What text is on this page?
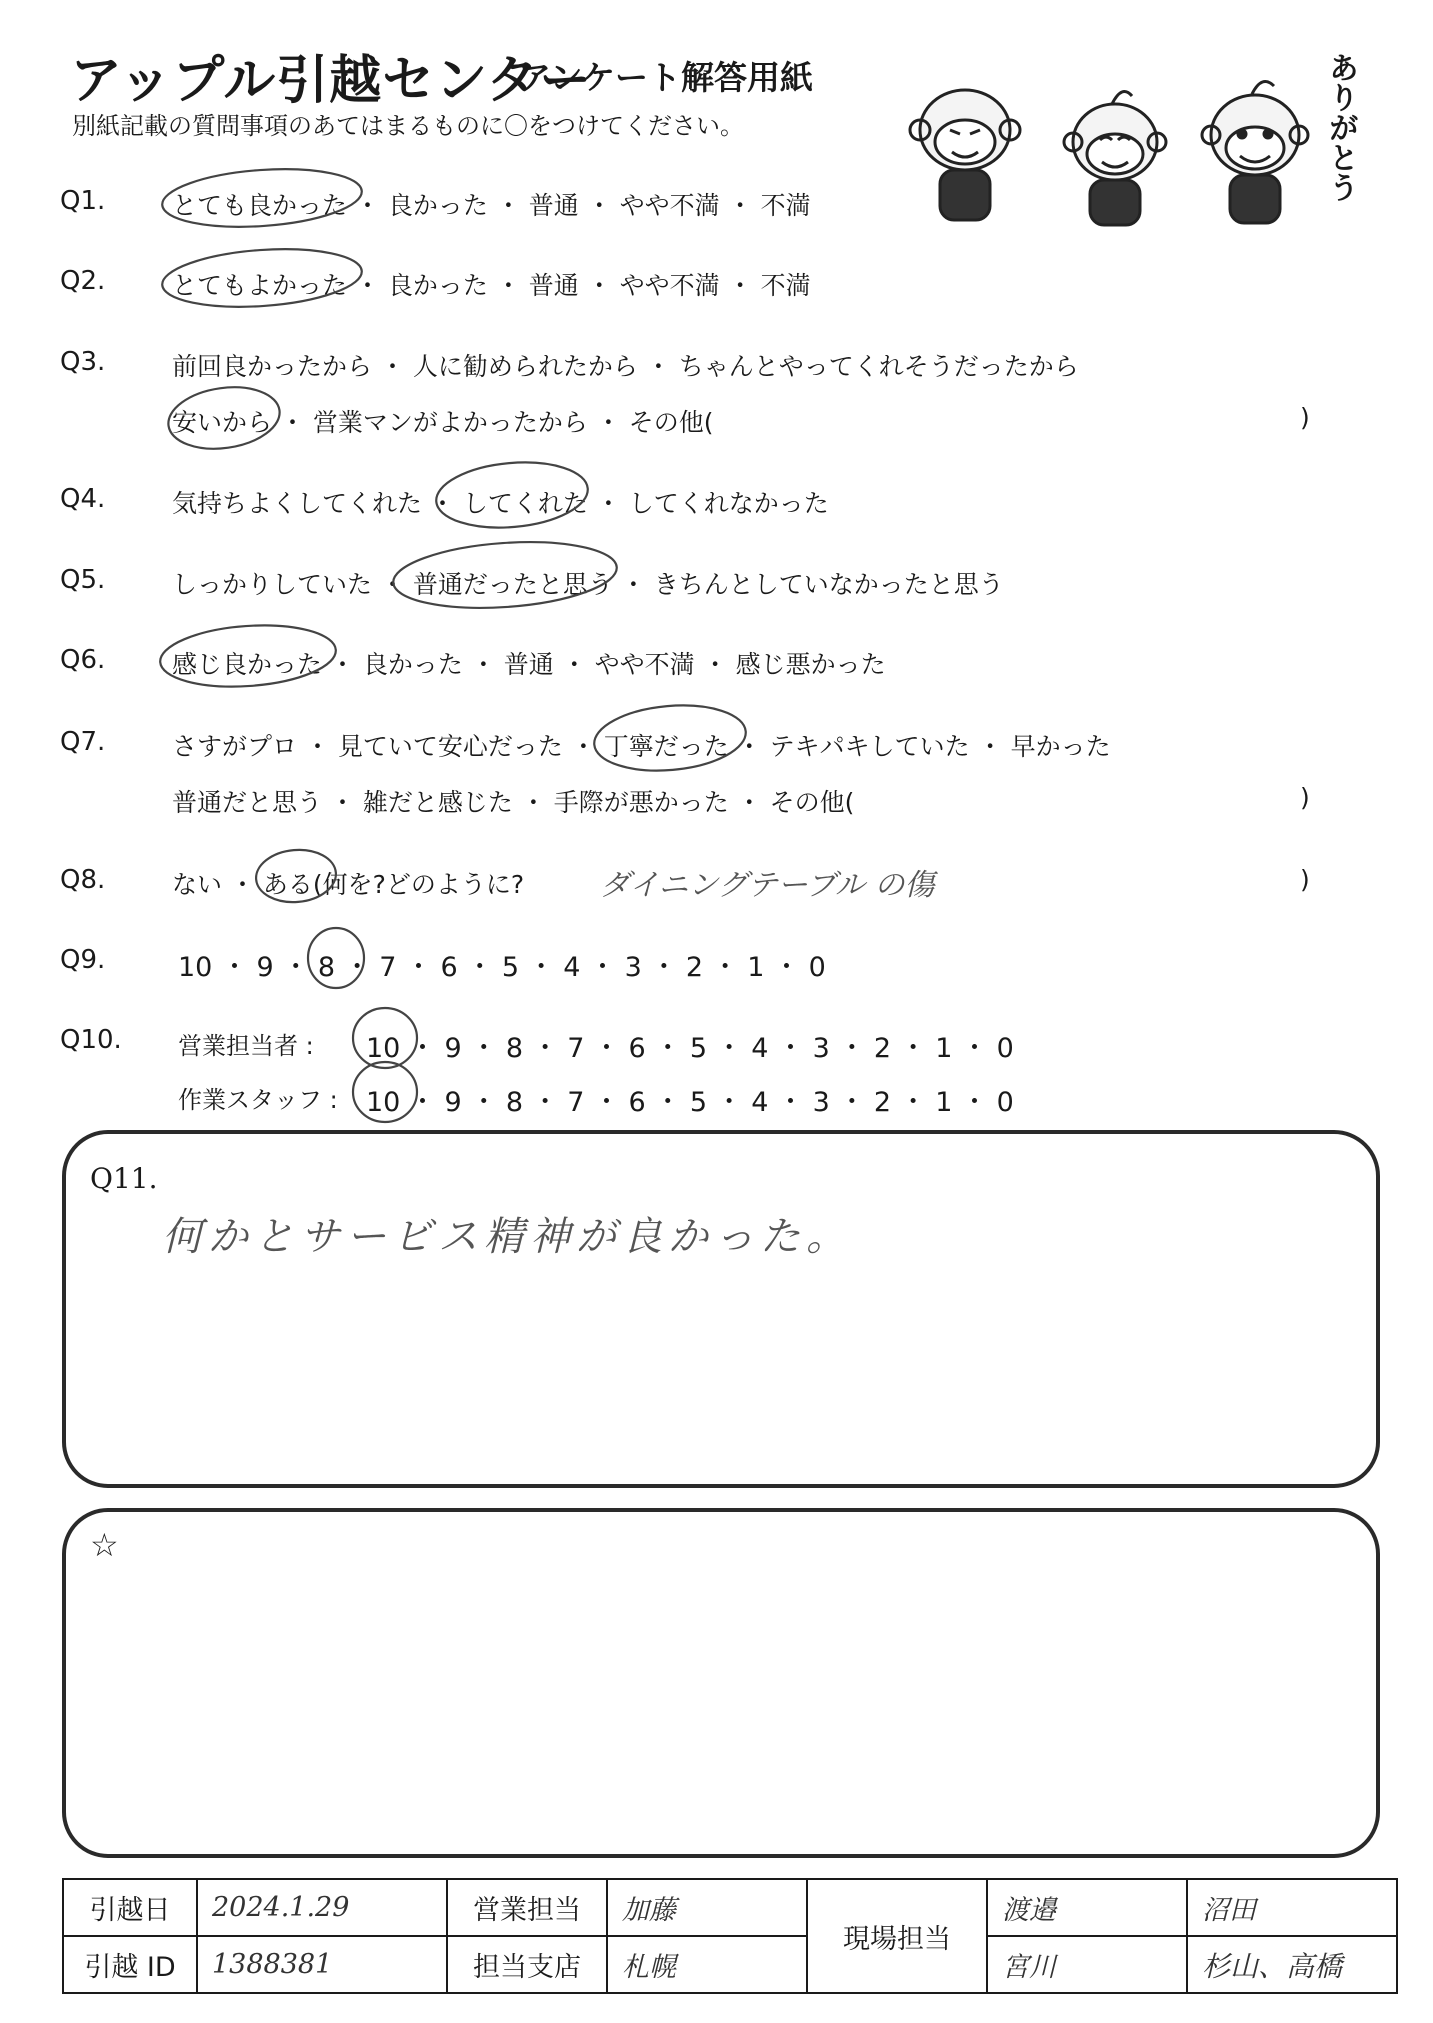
アップル引越センター
アンケート解答用紙
別紙記載の質問事項のあてはまるものに〇をつけてください。	ありがとう
Q1.	とても良かった ・ 良かった ・ 普通 ・ やや不満 ・ 不満
Q2.	とてもよかった ・ 良かった ・ 普通 ・ やや不満 ・ 不満
Q3.	前回良かったから ・ 人に勧められたから ・ ちゃんとやってくれそうだったから
安いから ・ 営業マンがよかったから ・ その他(	)
Q4.	気持ちよくしてくれた ・ してくれた ・ してくれなかった
Q5.	しっかりしていた ・ 普通だったと思う ・ きちんとしていなかったと思う
Q6.	感じ良かった ・ 良かった ・ 普通 ・ やや不満 ・ 感じ悪かった
Q7.	さすがプロ ・ 見ていて安心だった ・ 丁寧だった ・ テキパキしていた ・ 早かった
普通だと思う ・ 雑だと感じた ・ 手際が悪かった ・ その他(	)
Q8.	ない ・ ある(何を?どのように?	ダイニングテーブル の傷	)
Q9.	10 ・ 9 ・ 8 ・ 7 ・ 6 ・ 5 ・ 4 ・ 3 ・ 2 ・ 1 ・ 0
Q10. 営業担当者 : 10 ・ 9 ・ 8 ・ 7 ・ 6 ・ 5 ・ 4 ・ 3 ・ 2 ・ 1 ・ 0
作業スタッフ : 10 ・ 9 ・ 8 ・ 7 ・ 6 ・ 5 ・ 4 ・ 3 ・ 2 ・ 1 ・ 0
Q11.
何かとサービス精神が良かった。
☆
引越日	2024.1.29	営業担当	加藤	現場担当	渡邉	沼田
引越 ID	1388381	担当支店	札幌		宮川	杉山、高橋
